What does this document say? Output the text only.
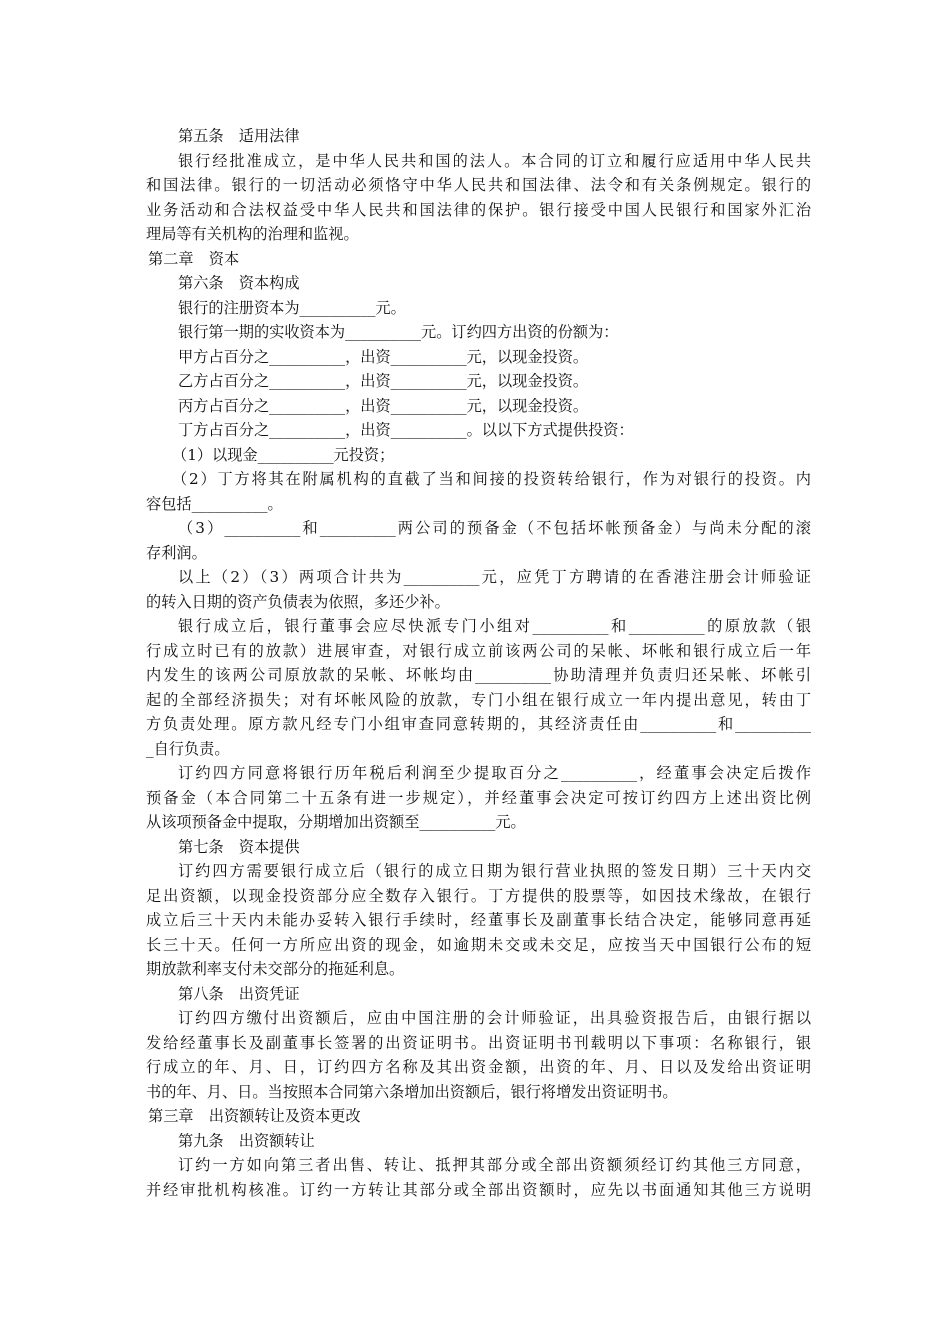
第五条　适用法律
银行经批准成立，是中华人民共和国的法人。本合同的订立和履行应适用中华人民共
和国法律。银行的一切活动必须恪守中华人民共和国法律、法令和有关条例规定。银行的
业务活动和合法权益受中华人民共和国法律的保护。银行接受中国人民银行和国家外汇治
理局等有关机构的治理和监视。
第二章　资本
第六条　资本构成
银行的注册资本为__________元。
银行第一期的实收资本为__________元。订约四方出资的份额为：
甲方占百分之__________，出资__________元，以现金投资。
乙方占百分之__________，出资__________元，以现金投资。
丙方占百分之__________，出资__________元，以现金投资。
丁方占百分之__________，出资__________。以以下方式提供投资：
（1）以现金__________元投资；
（2）丁方将其在附属机构的直截了当和间接的投资转给银行，作为对银行的投资。内
容包括__________。
（3）__________和__________两公司的预备金（不包括坏帐预备金）与尚未分配的滚
存利润。
以上（2）（3）两项合计共为__________元，应凭丁方聘请的在香港注册会计师验证
的转入日期的资产负债表为依照，多还少补。
银行成立后，银行董事会应尽快派专门小组对__________和__________的原放款（银
行成立时已有的放款）进展审查，对银行成立前该两公司的呆帐、坏帐和银行成立后一年
内发生的该两公司原放款的呆帐、坏帐均由__________协助清理并负责归还呆帐、坏帐引
起的全部经济损失；对有坏帐风险的放款，专门小组在银行成立一年内提出意见，转由丁
方负责处理。原方款凡经专门小组审查同意转期的，其经济责任由__________和__________
_自行负责。
订约四方同意将银行历年税后利润至少提取百分之__________，经董事会决定后拨作
预备金（本合同第二十五条有进一步规定），并经董事会决定可按订约四方上述出资比例
从该项预备金中提取，分期增加出资额至__________元。
第七条　资本提供
订约四方需要银行成立后（银行的成立日期为银行营业执照的签发日期）三十天内交
足出资额，以现金投资部分应全数存入银行。丁方提供的股票等，如因技术缘故，在银行
成立后三十天内未能办妥转入银行手续时，经董事长及副董事长结合决定，能够同意再延
长三十天。任何一方所应出资的现金，如逾期未交或未交足，应按当天中国银行公布的短
期放款利率支付未交部分的拖延利息。
第八条　出资凭证
订约四方缴付出资额后，应由中国注册的会计师验证，出具验资报告后，由银行据以
发给经董事长及副董事长签署的出资证明书。出资证明书刊载明以下事项：名称银行，银
行成立的年、月、日，订约四方名称及其出资金额，出资的年、月、日以及发给出资证明
书的年、月、日。当按照本合同第六条增加出资额后，银行将增发出资证明书。
第三章　出资额转让及资本更改
第九条　出资额转让
订约一方如向第三者出售、转让、抵押其部分或全部出资额须经订约其他三方同意，
并经审批机构核准。订约一方转让其部分或全部出资额时，应先以书面通知其他三方说明
